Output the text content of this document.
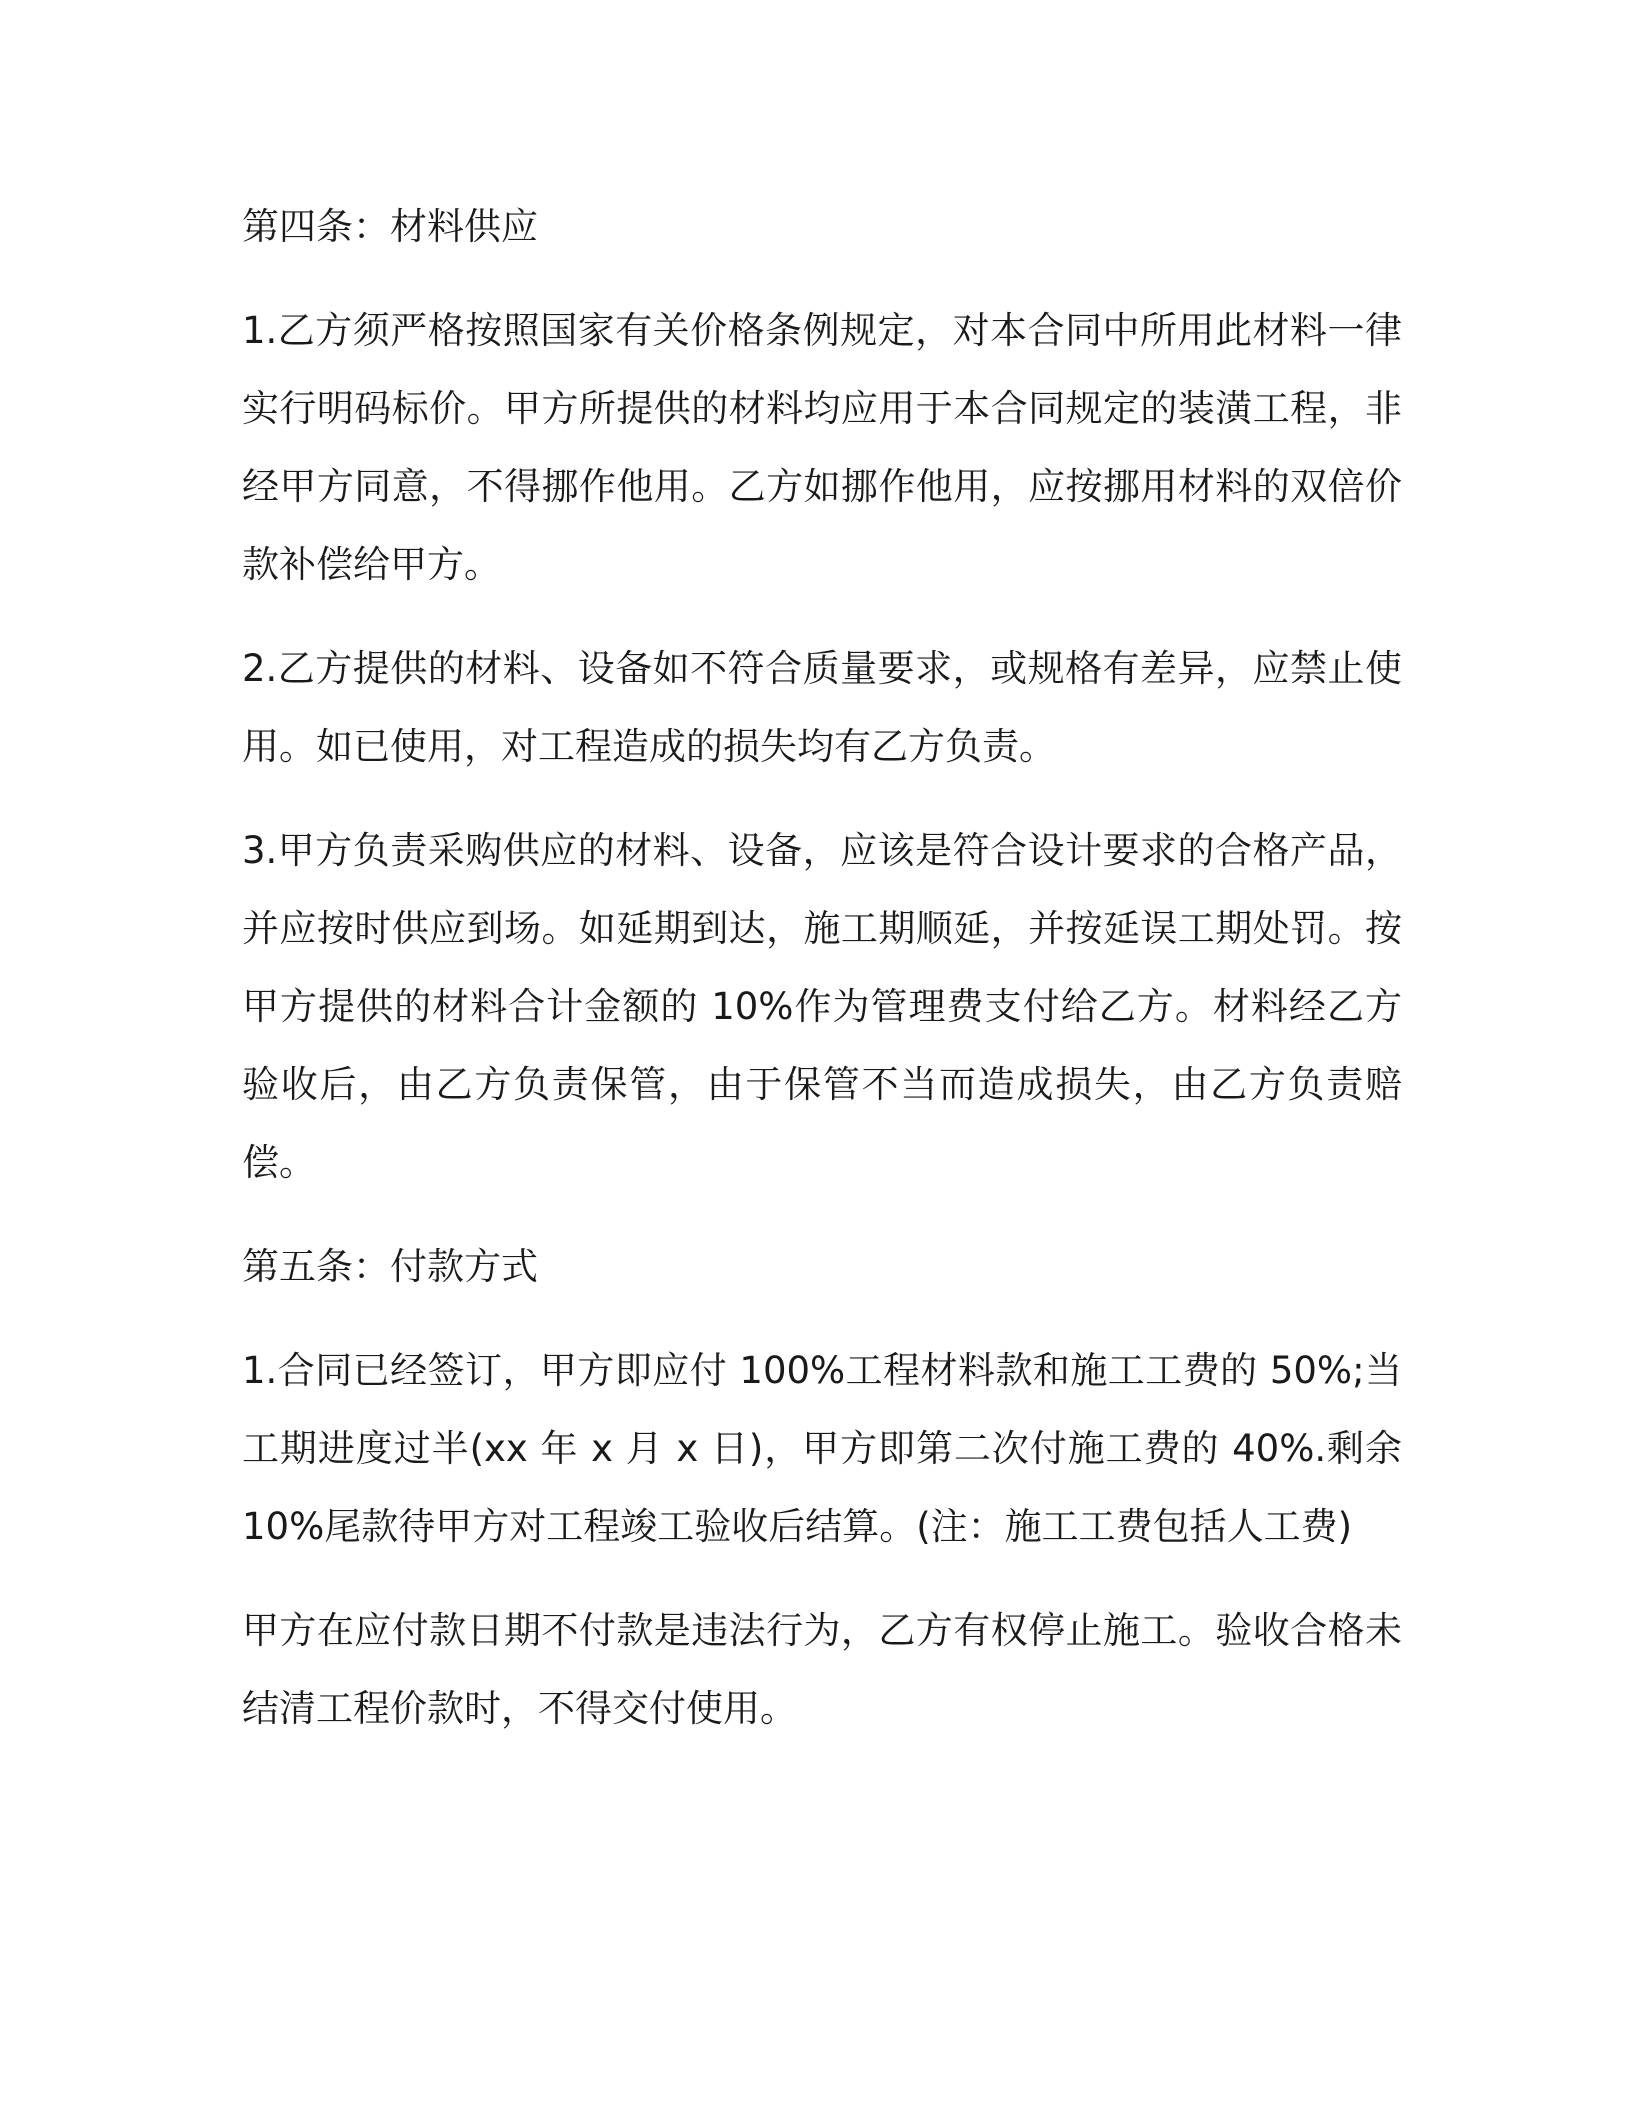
第四条：材料供应

1.乙方须严格按照国家有关价格条例规定，对本合同中所用此材料一律实行明码标价。甲方所提供的材料均应用于本合同规定的装潢工程，非经甲方同意，不得挪作他用。乙方如挪作他用，应按挪用材料的双倍价款补偿给甲方。

2.乙方提供的材料、设备如不符合质量要求，或规格有差异，应禁止使用。如已使用，对工程造成的损失均有乙方负责。

3.甲方负责采购供应的材料、设备，应该是符合设计要求的合格产品，并应按时供应到场。如延期到达，施工期顺延，并按延误工期处罚。按甲方提供的材料合计金额的 10%作为管理费支付给乙方。材料经乙方验收后，由乙方负责保管，由于保管不当而造成损失，由乙方负责赔偿。

第五条：付款方式

1.合同已经签订，甲方即应付 100%工程材料款和施工工费的 50%;当工期进度过半(xx 年 x 月 x 日)，甲方即第二次付施工费的 40%.剩余 10%尾款待甲方对工程竣工验收后结算。(注：施工工费包括人工费)

甲方在应付款日期不付款是违法行为，乙方有权停止施工。验收合格未结清工程价款时，不得交付使用。
